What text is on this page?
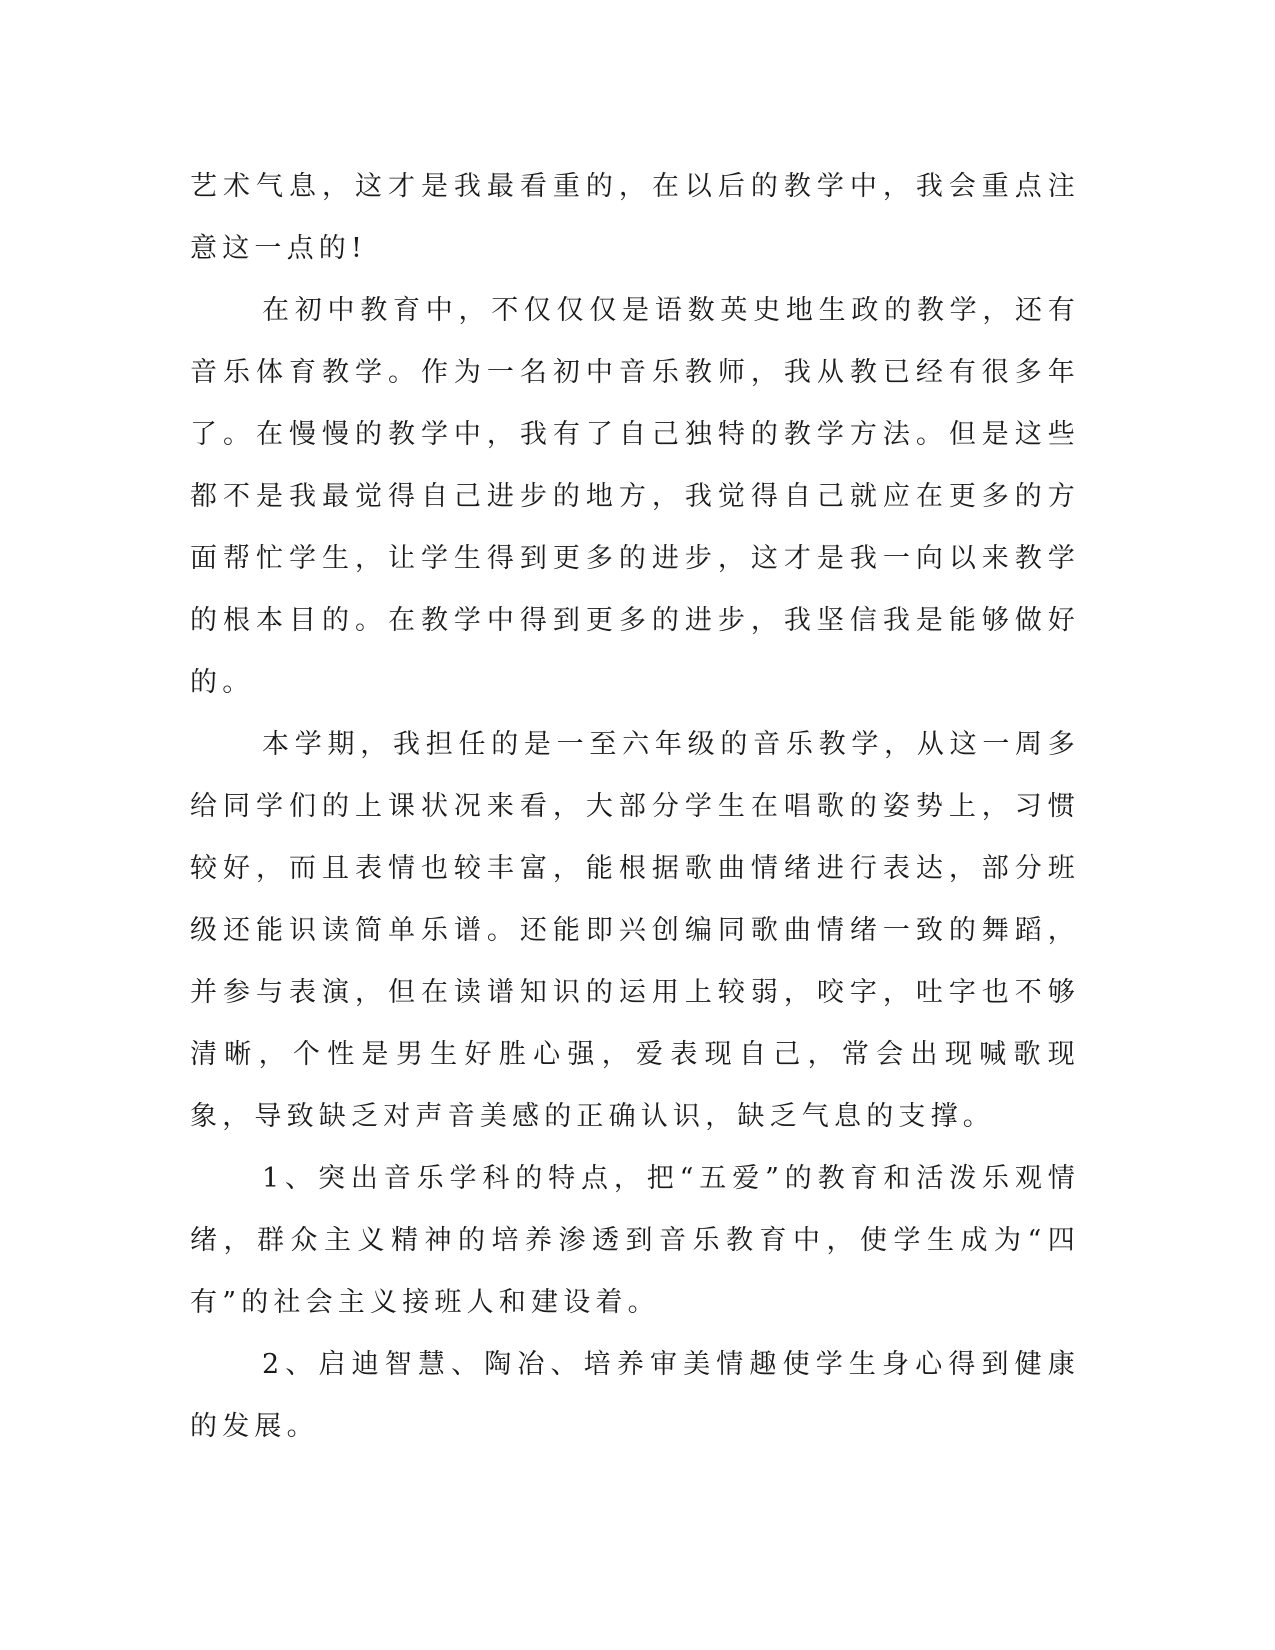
艺术气息，这才是我最看重的，在以后的教学中，我会重点注意这一点的!

在初中教育中，不仅仅仅是语数英史地生政的教学，还有音乐体育教学。作为一名初中音乐教师，我从教已经有很多年了。在慢慢的教学中，我有了自己独特的教学方法。但是这些都不是我最觉得自己进步的地方，我觉得自己就应在更多的方面帮忙学生，让学生得到更多的进步，这才是我一向以来教学的根本目的。在教学中得到更多的进步，我坚信我是能够做好的。

本学期，我担任的是一至六年级的音乐教学，从这一周多给同学们的上课状况来看，大部分学生在唱歌的姿势上，习惯较好，而且表情也较丰富，能根据歌曲情绪进行表达，部分班级还能识读简单乐谱。还能即兴创编同歌曲情绪一致的舞蹈，并参与表演，但在读谱知识的运用上较弱，咬字，吐字也不够清晰，个性是男生好胜心强，爱表现自己，常会出现喊歌现象，导致缺乏对声音美感的正确认识，缺乏气息的支撑。

1、突出音乐学科的特点，把“五爱”的教育和活泼乐观情绪，群众主义精神的培养渗透到音乐教育中，使学生成为“四有”的社会主义接班人和建设着。

2、启迪智慧、陶冶、培养审美情趣使学生身心得到健康的发展。
